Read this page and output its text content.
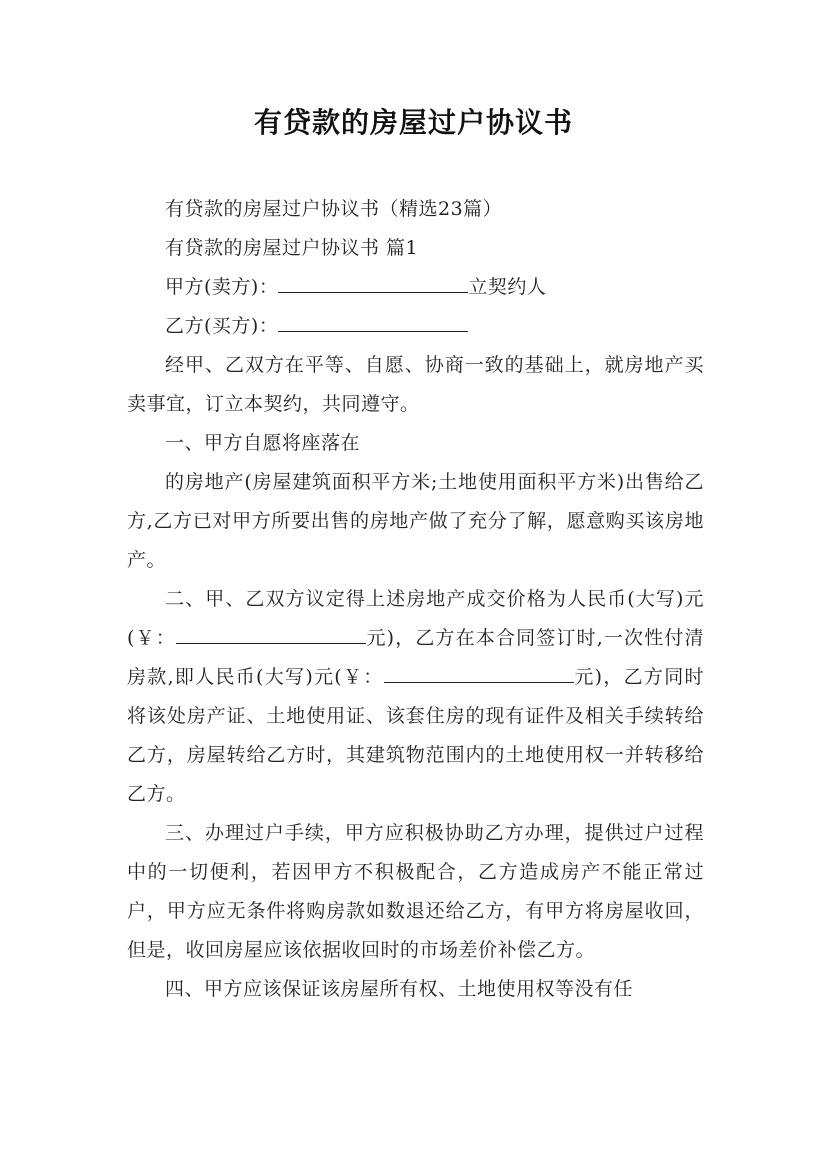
有贷款的房屋过户协议书

有贷款的房屋过户协议书（精选23篇）

有贷款的房屋过户协议书 篇1

甲方(卖方)：	立契约人

乙方(买方)：

经甲、乙双方在平等、自愿、协商一致的基础上，就房地产买卖事宜，订立本契约，共同遵守。

一、甲方自愿将座落在

的房地产(房屋建筑面积平方米;土地使用面积平方米)出售给乙方,乙方已对甲方所要出售的房地产做了充分了解，愿意购买该房地产。

二、甲、乙双方议定得上述房地产成交价格为人民币(大写)元(￥：	元)，乙方在本合同签订时,一次性付清房款,即人民币(大写)元(￥：	元)，乙方同时将该处房产证、土地使用证、该套住房的现有证件及相关手续转给乙方，房屋转给乙方时，其建筑物范围内的土地使用权一并转移给乙方。

三、办理过户手续，甲方应积极协助乙方办理，提供过户过程中的一切便利，若因甲方不积极配合，乙方造成房产不能正常过户，甲方应无条件将购房款如数退还给乙方，有甲方将房屋收回，但是，收回房屋应该依据收回时的市场差价补偿乙方。

四、甲方应该保证该房屋所有权、土地使用权等没有任
